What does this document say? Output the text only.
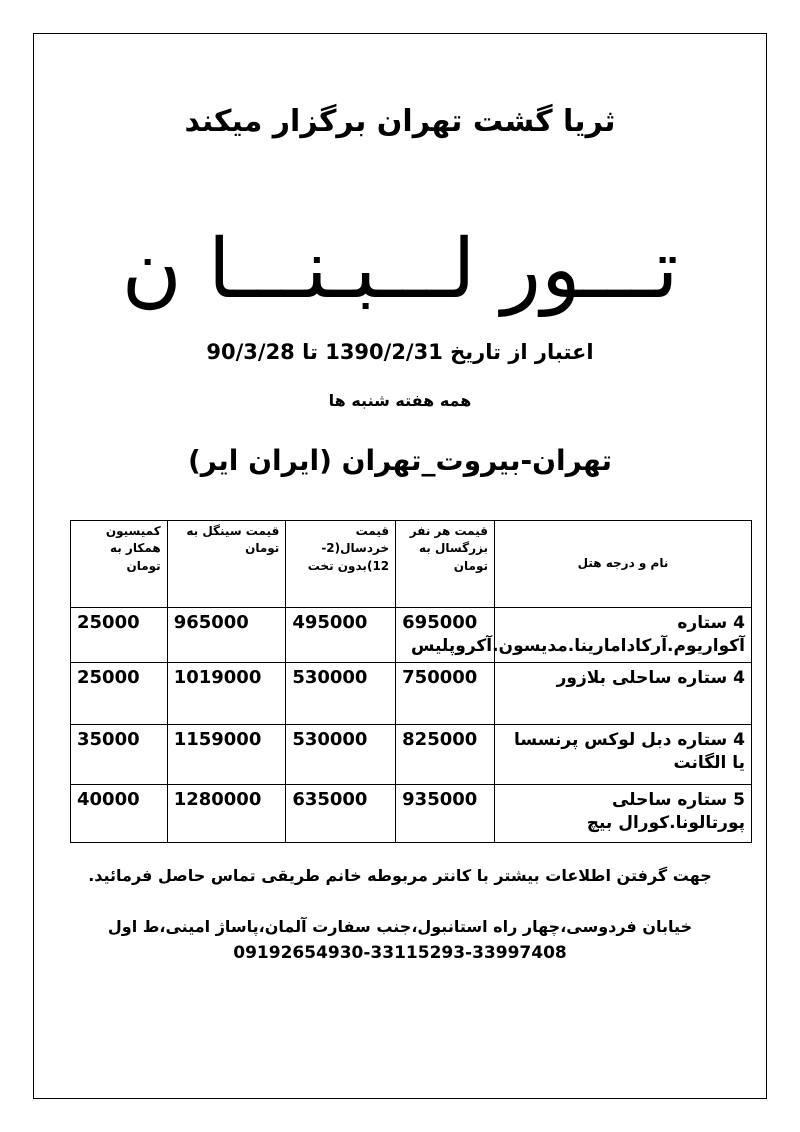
ثریا گشت تهران برگزار میکند
تـــور لـــبـنـــا ن
اعتبار از تاریخ 1390/2/31 تا 90/3/28
همه هفته شنبه ها
تهران-بیروت_تهران (ایران ایر)
نام و درجه هتل	قیمت هر نفر بزرگسال به تومان	قیمت خردسال(2-12)بدون تخت	قیمت سینگل به تومان	کمیسیون همکار به تومان
4 ستاره آکواریوم.آرکادامارینا.مدیسون.آکروپلیس	695000	495000	965000	25000
4 ستاره ساحلی بلازور	750000	530000	1019000	25000
4 ستاره دبل لوکس پرنسسا یا الگانت	825000	530000	1159000	35000
5 ستاره ساحلی پورتالونا.کورال بیچ	935000	635000	1280000	40000
جهت گرفتن اطلاعات بیشتر با کانتر مربوطه خانم طریقی تماس حاصل فرمائید.
خیابان فردوسی،چهار راه استانبول،جنب سفارت آلمان،پاساژ امینی،ط اول
09192654930-33115293-33997408
